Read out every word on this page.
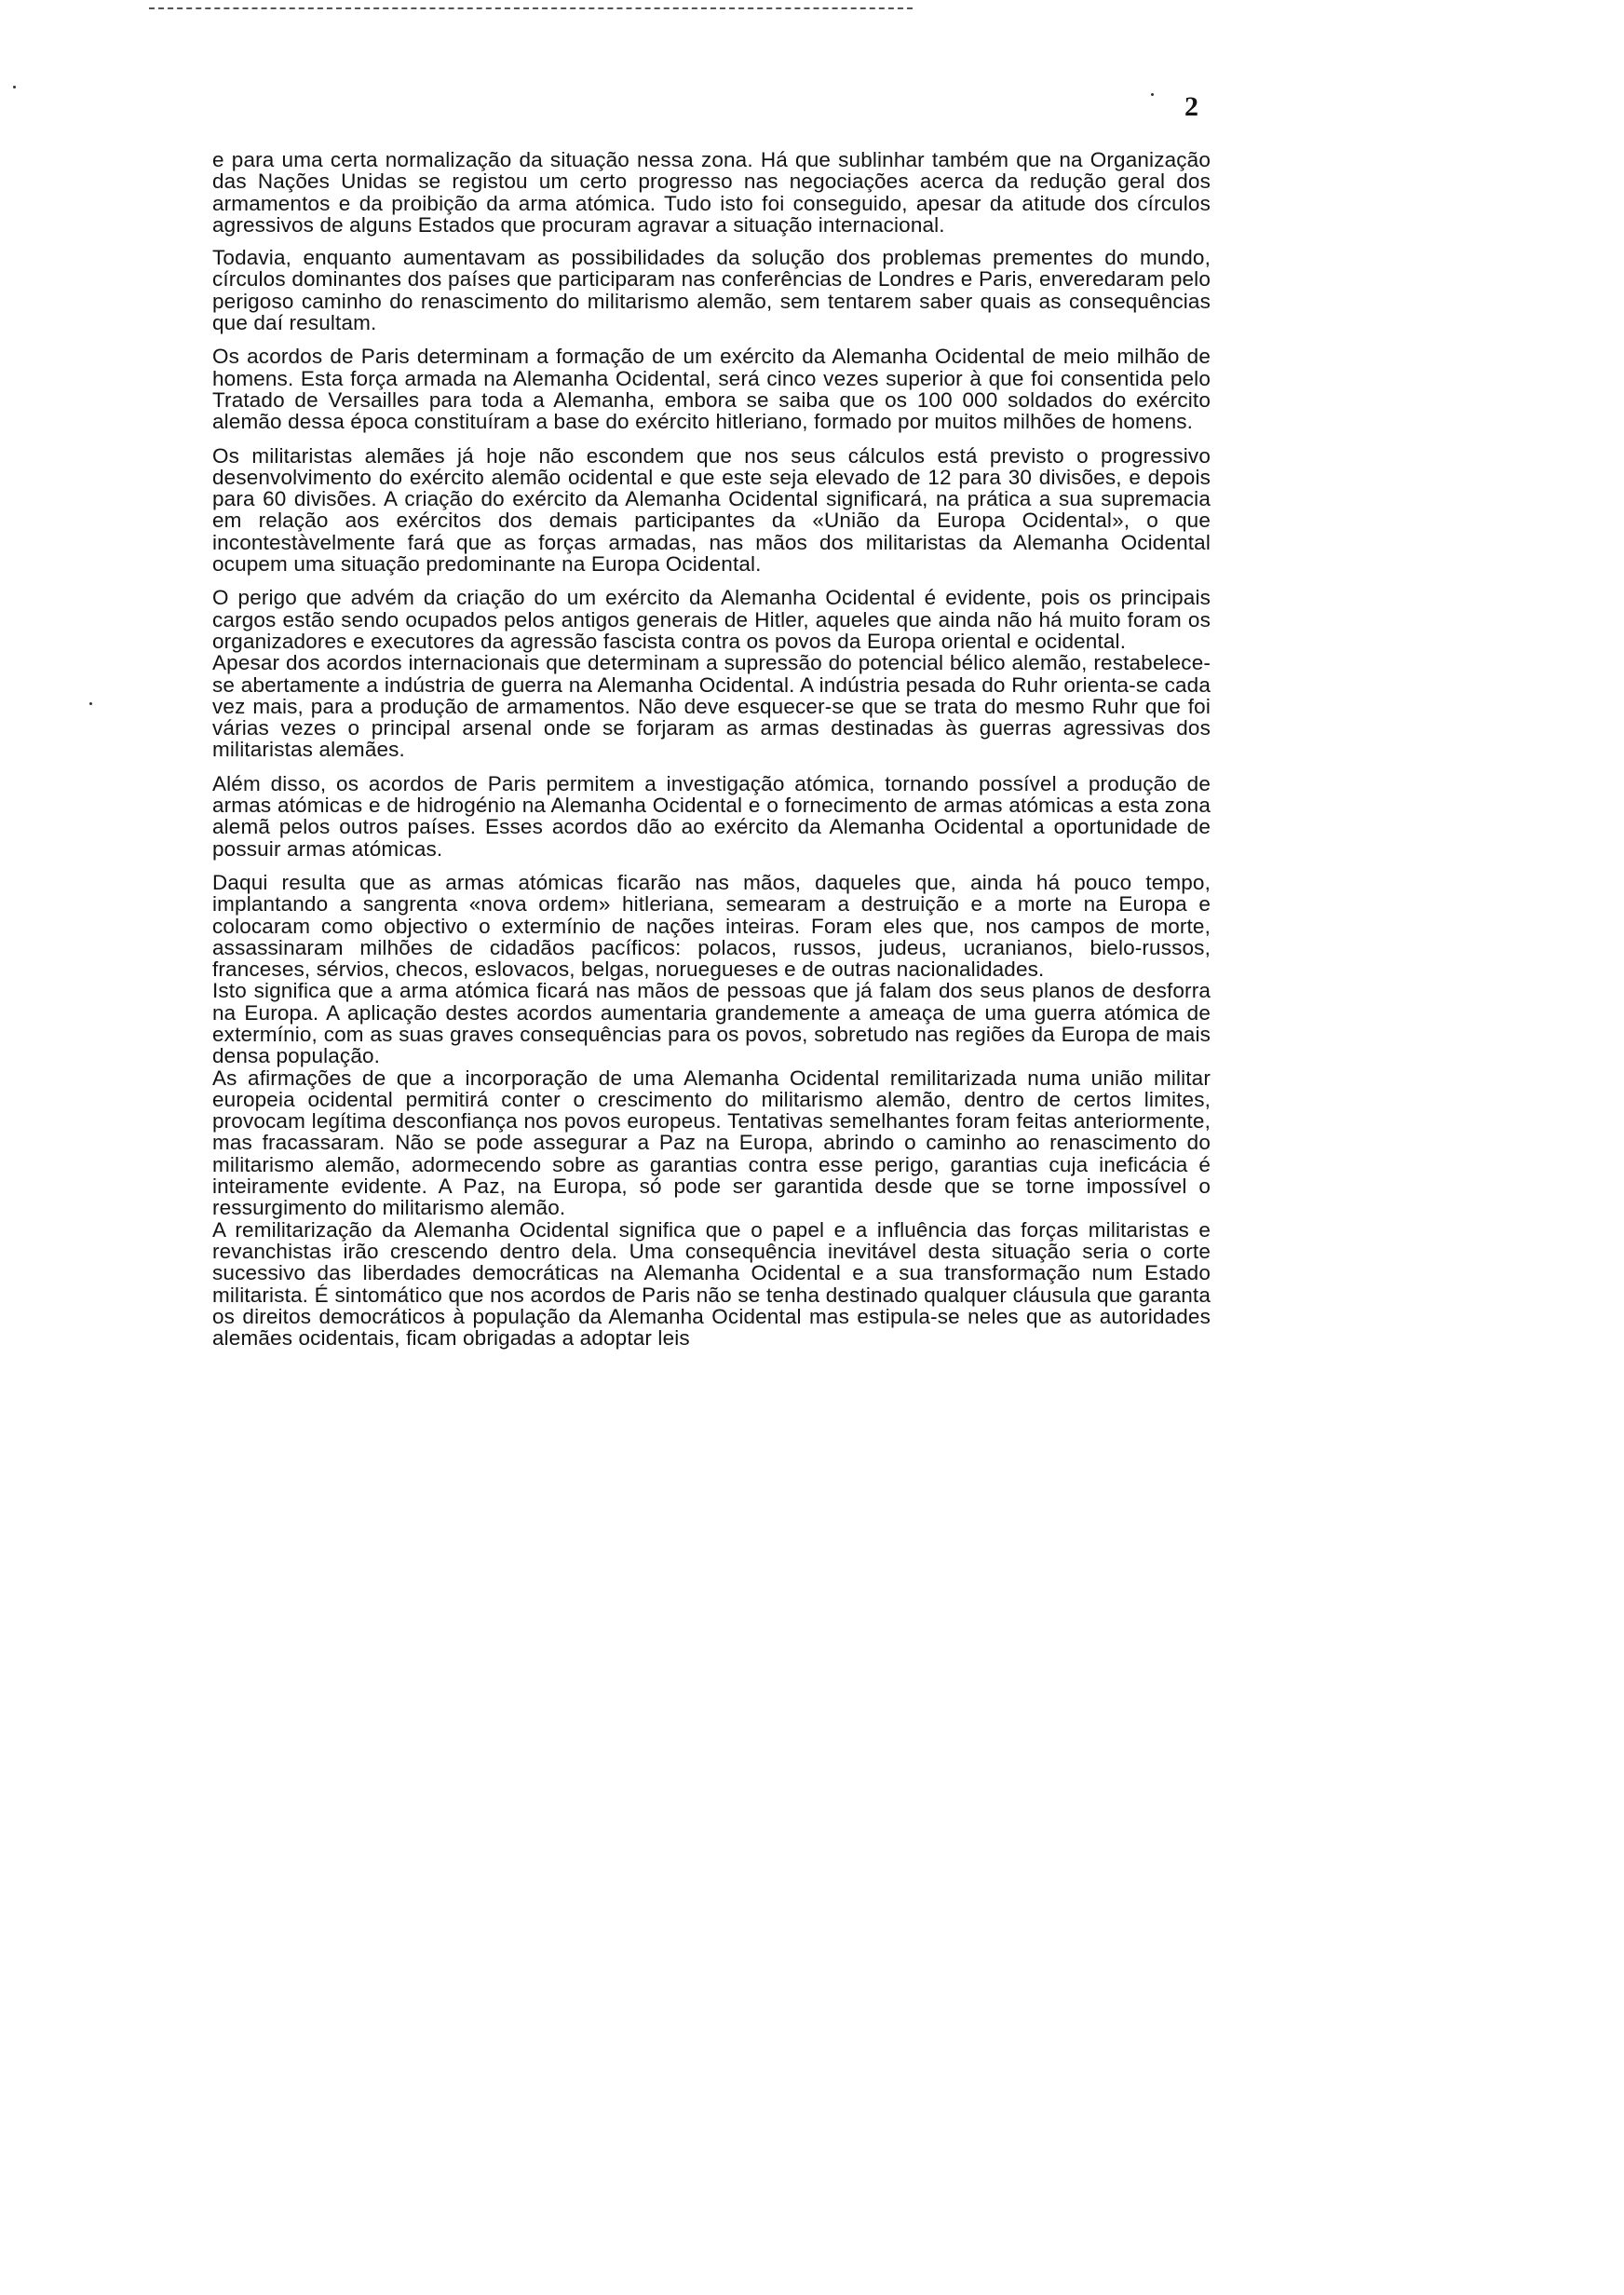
2

e para uma certa normalização da situação nessa zona. Há que sublinhar também que na Organização das Nações Unidas se registou um certo progresso nas negociações acerca da redução geral dos armamentos e da proibição da arma atómica. Tudo isto foi conseguido, apesar da atitude dos círculos agressivos de alguns Estados que procuram agravar a situação internacional.

Todavia, enquanto aumentavam as possibilidades da solução dos problemas prementes do mundo, círculos dominantes dos países que participaram nas conferências de Londres e Paris, enveredaram pelo perigoso caminho do renascimento do militarismo alemão, sem tentarem saber quais as consequências que daí resultam.

Os acordos de Paris determinam a formação de um exército da Alemanha Ocidental de meio milhão de homens. Esta força armada na Alemanha Ocidental, será cinco vezes superior à que foi consentida pelo Tratado de Versailles para toda a Alemanha, embora se saiba que os 100 000 soldados do exército alemão dessa época constituíram a base do exército hitleriano, formado por muitos milhões de homens.

Os militaristas alemães já hoje não escondem que nos seus cálculos está previsto o progressivo desenvolvimento do exército alemão ocidental e que este seja elevado de 12 para 30 divisões, e depois para 60 divisões. A criação do exército da Alemanha Ocidental significará, na prática a sua supremacia em relação aos exércitos dos demais participantes da «União da Europa Ocidental», o que incontestàvelmente fará que as forças armadas, nas mãos dos militaristas da Alemanha Ocidental ocupem uma situação predominante na Europa Ocidental.

O perigo que advém da criação do um exército da Alemanha Ocidental é evidente, pois os principais cargos estão sendo ocupados pelos antigos generais de Hitler, aqueles que ainda não há muito foram os organizadores e executores da agressão fascista contra os povos da Europa oriental e ocidental.

Apesar dos acordos internacionais que determinam a supressão do potencial bélico alemão, restabelece-se abertamente a indústria de guerra na Alemanha Ocidental. A indústria pesada do Ruhr orienta-se cada vez mais, para a produção de armamentos. Não deve esquecer-se que se trata do mesmo Ruhr que foi várias vezes o principal arsenal onde se forjaram as armas destinadas às guerras agressivas dos militaristas alemães.

Além disso, os acordos de Paris permitem a investigação atómica, tornando possível a produção de armas atómicas e de hidrogénio na Alemanha Ocidental e o fornecimento de armas atómicas a esta zona alemã pelos outros países. Esses acordos dão ao exército da Alemanha Ocidental a oportunidade de possuir armas atómicas.

Daqui resulta que as armas atómicas ficarão nas mãos, daqueles que, ainda há pouco tempo, implantando a sangrenta «nova ordem» hitleriana, semearam a destruição e a morte na Europa e colocaram como objectivo o extermínio de nações inteiras. Foram eles que, nos campos de morte, assassinaram milhões de cidadãos pacíficos: polacos, russos, judeus, ucranianos, bielo-russos, franceses, sérvios, checos, eslovacos, belgas, noruegueses e de outras nacionalidades.

Isto significa que a arma atómica ficará nas mãos de pessoas que já falam dos seus planos de desforra na Europa. A aplicação destes acordos aumentaria grandemente a ameaça de uma guerra atómica de extermínio, com as suas graves consequências para os povos, sobretudo nas regiões da Europa de mais densa população.

As afirmações de que a incorporação de uma Alemanha Ocidental remilitarizada numa união militar europeia ocidental permitirá conter o crescimento do militarismo alemão, dentro de certos limites, provocam legítima desconfiança nos povos europeus. Tentativas semelhantes foram feitas anteriormente, mas fracassaram. Não se pode assegurar a Paz na Europa, abrindo o caminho ao renascimento do militarismo alemão, adormecendo sobre as garantias contra esse perigo, garantias cuja ineficácia é inteiramente evidente. A Paz, na Europa, só pode ser garantida desde que se torne impossível o ressurgimento do militarismo alemão.

A remilitarização da Alemanha Ocidental significa que o papel e a influência das forças militaristas e revanchistas irão crescendo dentro dela. Uma consequência inevitável desta situação seria o corte sucessivo das liberdades democráticas na Alemanha Ocidental e a sua transformação num Estado militarista. É sintomático que nos acordos de Paris não se tenha destinado qualquer cláusula que garanta os direitos democráticos à população da Alemanha Ocidental mas estipula-se neles que as autoridades alemães ocidentais, ficam obrigadas a adoptar leis
